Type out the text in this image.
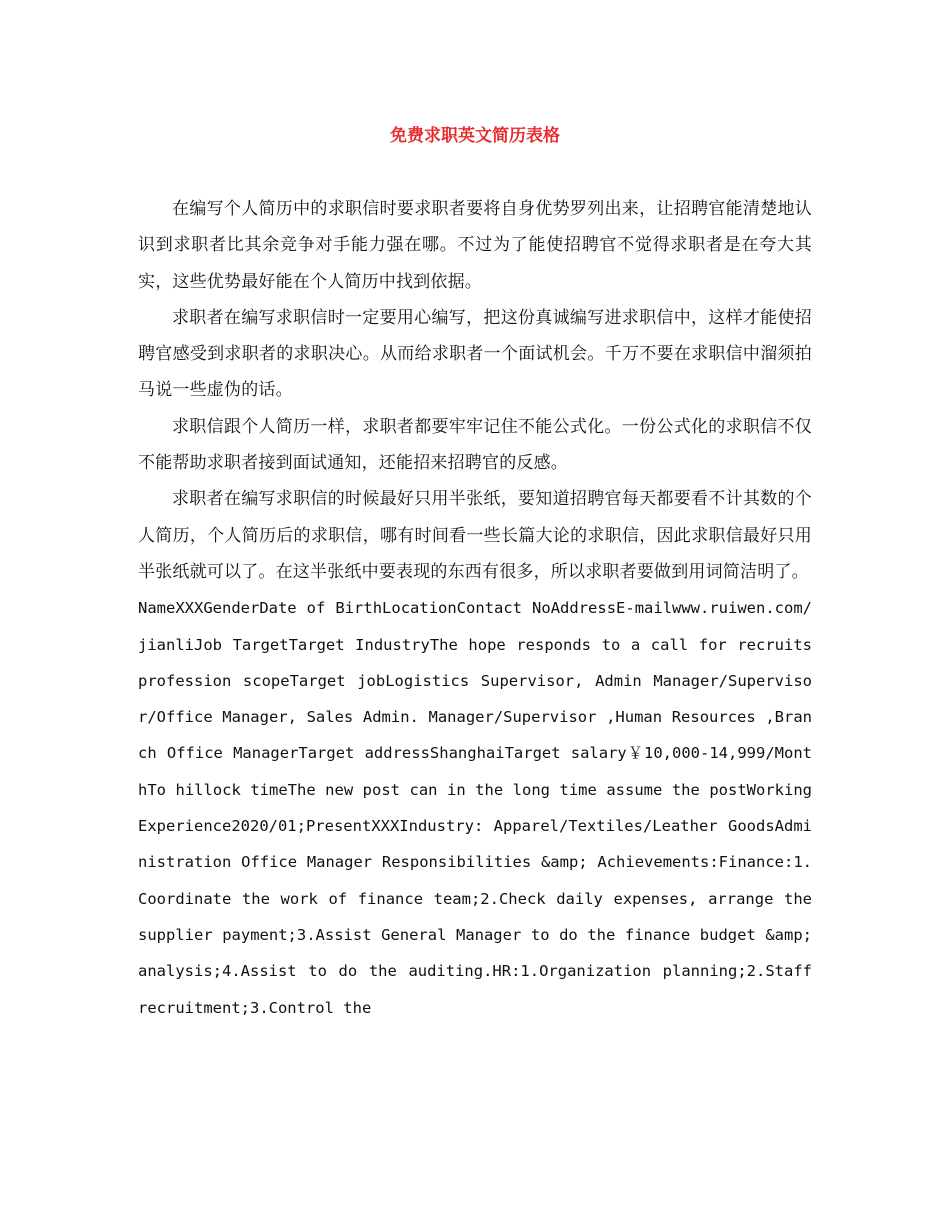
免费求职英文简历表格

在编写个人简历中的求职信时要求职者要将自身优势罗列出来，让招聘官能清楚地认识到求职者比其余竞争对手能力强在哪。不过为了能使招聘官不觉得求职者是在夸大其实，这些优势最好能在个人简历中找到依据。

求职者在编写求职信时一定要用心编写，把这份真诚编写进求职信中，这样才能使招聘官感受到求职者的求职决心。从而给求职者一个面试机会。千万不要在求职信中溜须拍马说一些虚伪的话。

求职信跟个人简历一样，求职者都要牢牢记住不能公式化。一份公式化的求职信不仅不能帮助求职者接到面试通知，还能招来招聘官的反感。

求职者在编写求职信的时候最好只用半张纸，要知道招聘官每天都要看不计其数的个人简历，个人简历后的求职信，哪有时间看一些长篇大论的求职信，因此求职信最好只用半张纸就可以了。在这半张纸中要表现的东西有很多，所以求职者要做到用词简洁明了。

NameXXXGenderDate of BirthLocationContact NoAddressE-mailwww.ruiwen.com/jianliJob TargetTarget IndustryThe hope responds to a call for recruits profession scopeTarget jobLogistics Supervisor, Admin Manager/Supervisor/Office Manager, Sales Admin. Manager/Supervisor ,Human Resources ,Branch Office ManagerTarget addressShanghaiTarget salary￥10,000-14,999/MonthTo hillock timeThe new post can in the long time assume the postWorking Experience2020/01;PresentXXXIndustry: Apparel/Textiles/Leather GoodsAdministration Office Manager Responsibilities &amp; Achievements:Finance:1.Coordinate the work of finance team;2.Check daily expenses, arrange the supplier payment;3.Assist General Manager to do the finance budget &amp; analysis;4.Assist to do the auditing.HR:1.Organization planning;2.Staff recruitment;3.Control the
